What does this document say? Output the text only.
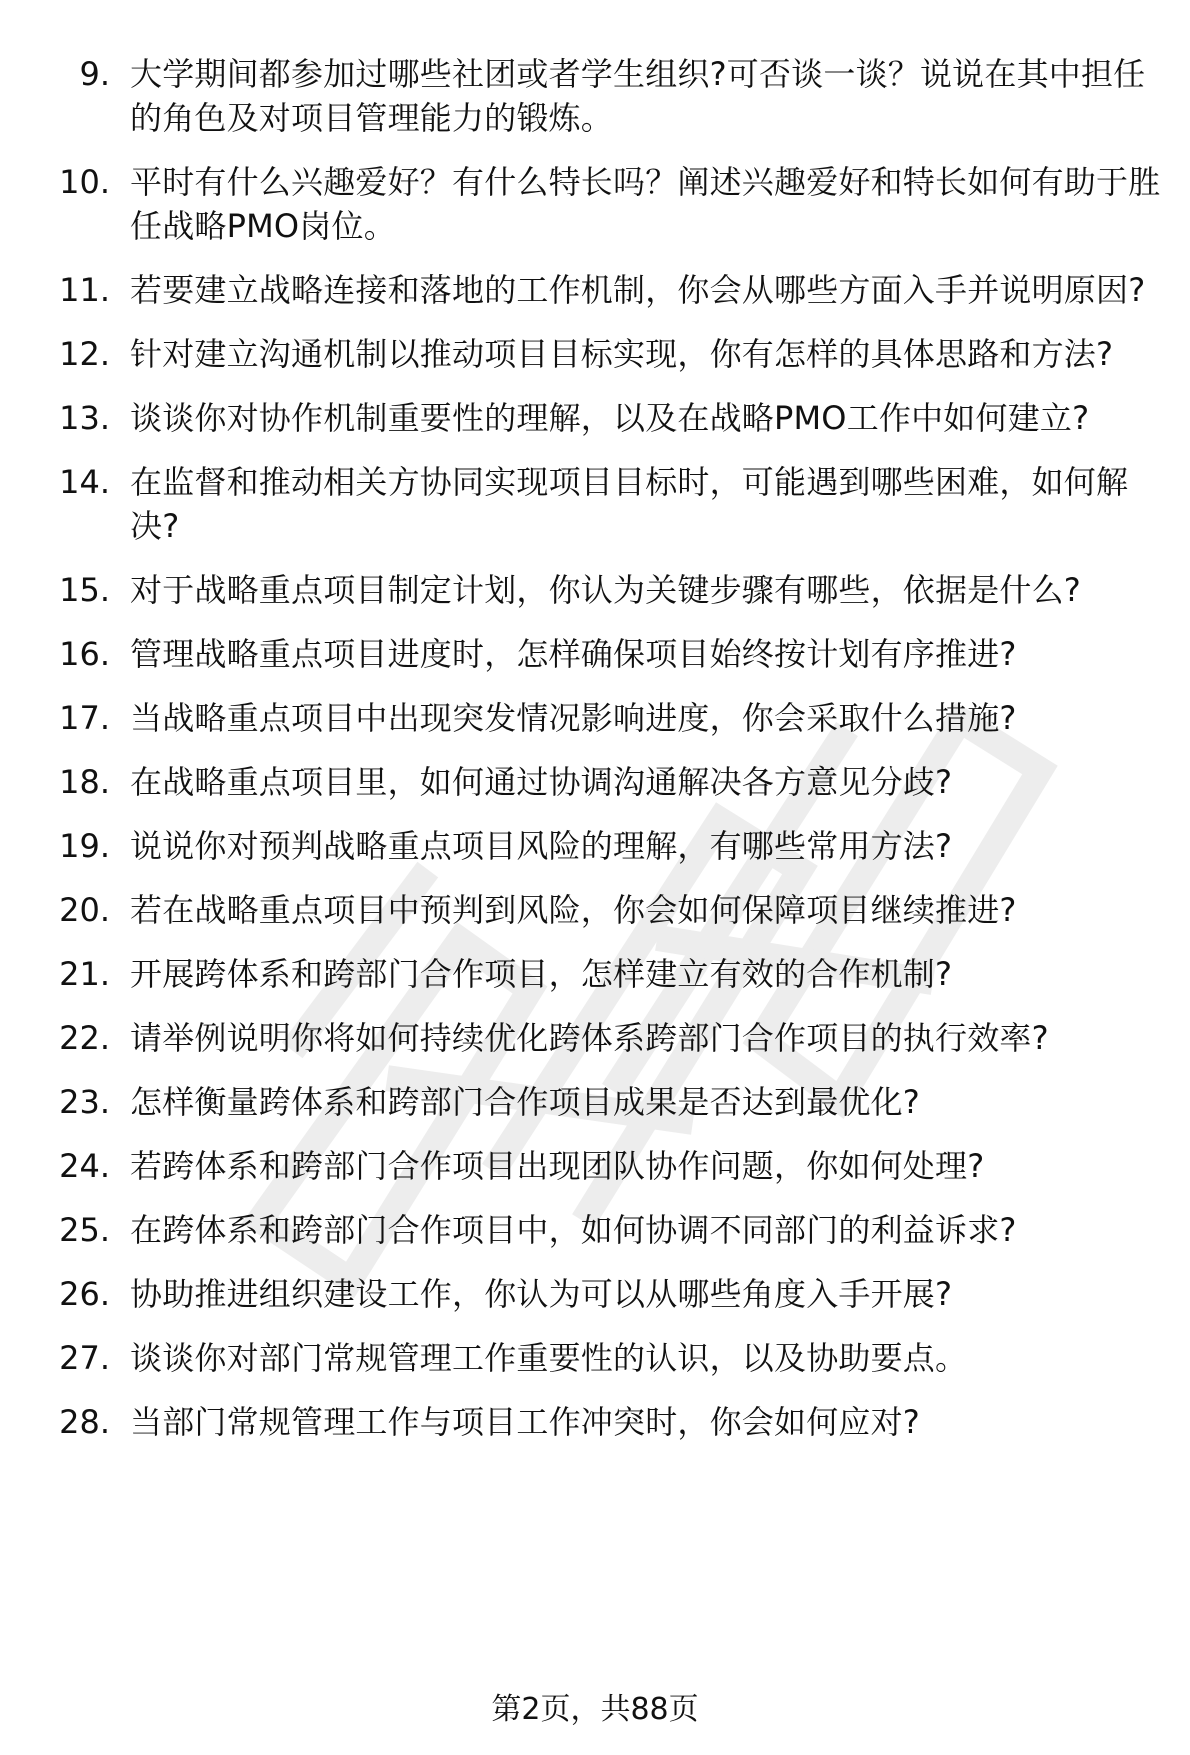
9. 大学期间都参加过哪些社团或者学生组织?可否谈一谈？说说在其中担任的角色及对项目管理能力的锻炼。
10. 平时有什么兴趣爱好？有什么特长吗？阐述兴趣爱好和特长如何有助于胜任战略PMO岗位。
11. 若要建立战略连接和落地的工作机制，你会从哪些方面入手并说明原因?
12. 针对建立沟通机制以推动项目目标实现，你有怎样的具体思路和方法?
13. 谈谈你对协作机制重要性的理解，以及在战略PMO工作中如何建立?
14. 在监督和推动相关方协同实现项目目标时，可能遇到哪些困难，如何解决?
15. 对于战略重点项目制定计划，你认为关键步骤有哪些，依据是什么?
16. 管理战略重点项目进度时，怎样确保项目始终按计划有序推进?
17. 当战略重点项目中出现突发情况影响进度，你会采取什么措施?
18. 在战略重点项目里，如何通过协调沟通解决各方意见分歧?
19. 说说你对预判战略重点项目风险的理解，有哪些常用方法?
20. 若在战略重点项目中预判到风险，你会如何保障项目继续推进?
21. 开展跨体系和跨部门合作项目，怎样建立有效的合作机制?
22. 请举例说明你将如何持续优化跨体系跨部门合作项目的执行效率?
23. 怎样衡量跨体系和跨部门合作项目成果是否达到最优化?
24. 若跨体系和跨部门合作项目出现团队协作问题，你如何处理?
25. 在跨体系和跨部门合作项目中，如何协调不同部门的利益诉求?
26. 协助推进组织建设工作，你认为可以从哪些角度入手开展?
27. 谈谈你对部门常规管理工作重要性的认识，以及协助要点。
28. 当部门常规管理工作与项目工作冲突时，你会如何应对?
第2页，共88页
